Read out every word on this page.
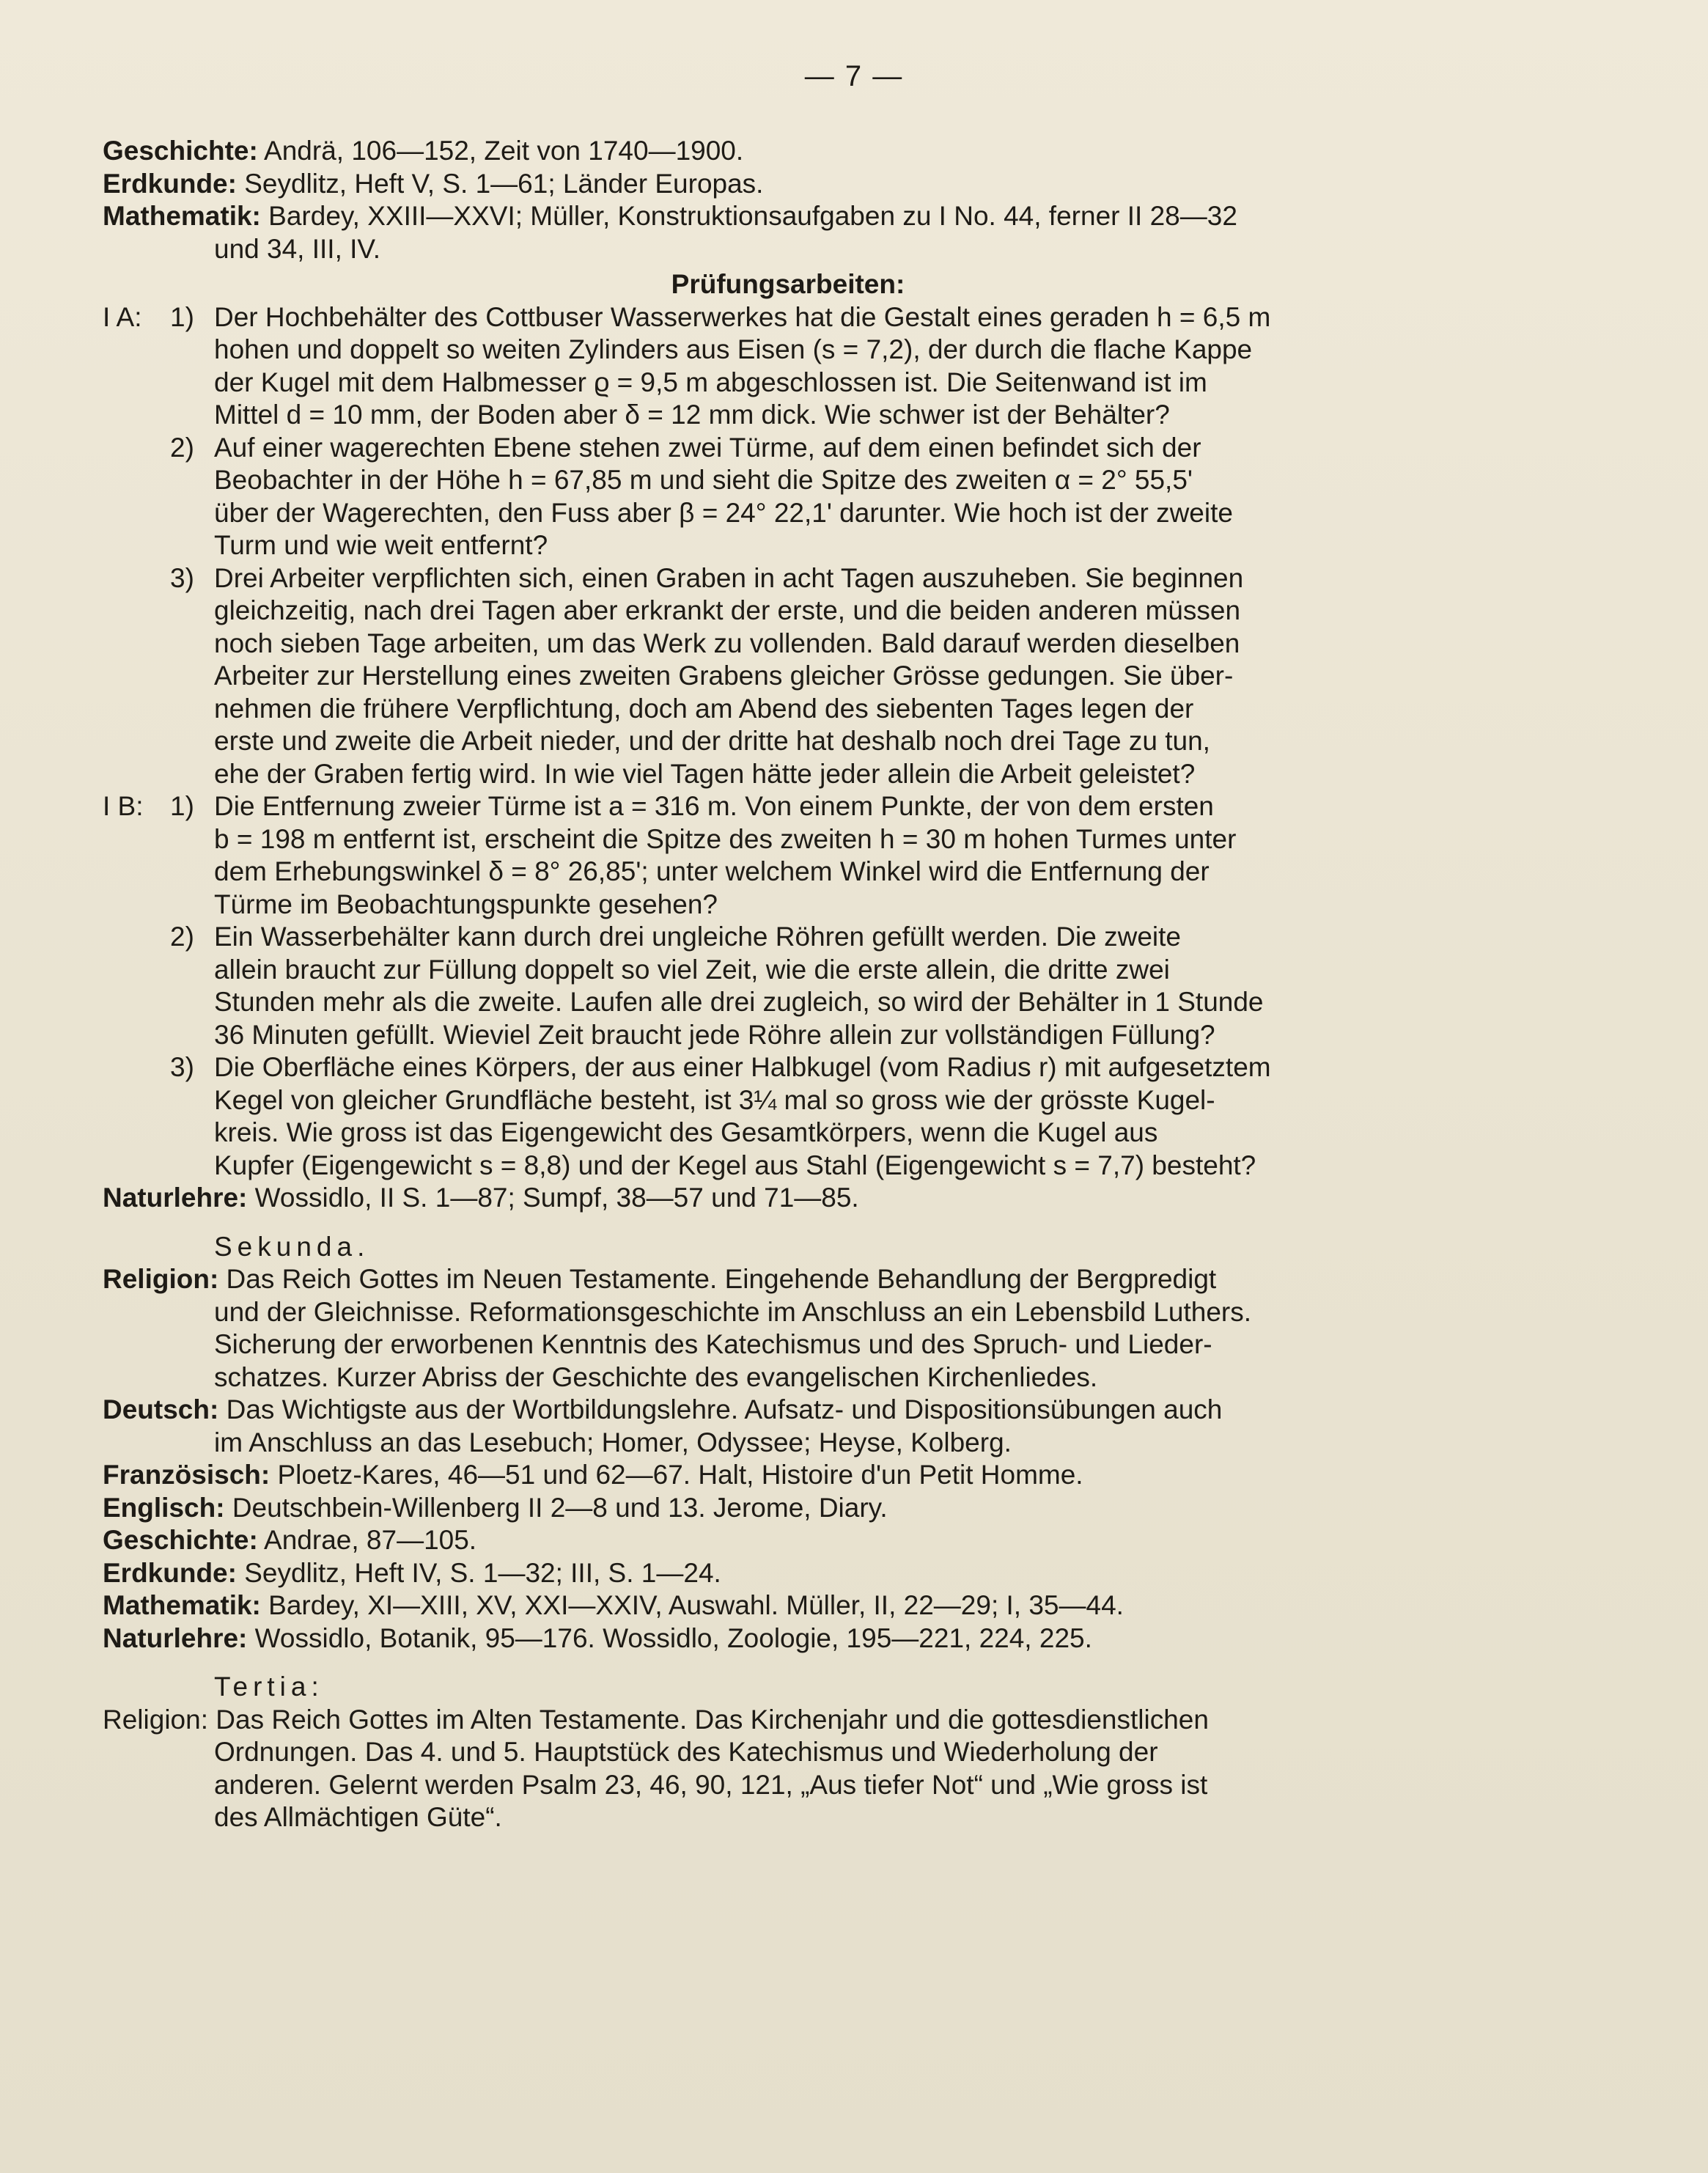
— 7 —

Geschichte: Andrä, 106—152, Zeit von 1740—1900.

Erdkunde: Seydlitz, Heft V, S. 1—61; Länder Europas.

Mathematik: Bardey, XXIII—XXVI; Müller, Konstruktionsaufgaben zu I No. 44, ferner II 28—32

und 34, III, IV.

Prüfungsarbeiten:

I A:	1) Der Hochbehälter des Cottbuser Wasserwerkes hat die Gestalt eines geraden h = 6,5 m
hohen und doppelt so weiten Zylinders aus Eisen (s = 7,2), der durch die flache Kappe
der Kugel mit dem Halbmesser ϱ = 9,5 m abgeschlossen ist. Die Seitenwand ist im
Mittel d = 10 mm, der Boden aber δ = 12 mm dick. Wie schwer ist der Behälter?
2) Auf einer wagerechten Ebene stehen zwei Türme, auf dem einen befindet sich der
Beobachter in der Höhe h = 67,85 m und sieht die Spitze des zweiten α = 2° 55,5'
über der Wagerechten, den Fuss aber β = 24° 22,1' darunter. Wie hoch ist der zweite
Turm und wie weit entfernt?
3) Drei Arbeiter verpflichten sich, einen Graben in acht Tagen auszuheben. Sie beginnen
gleichzeitig, nach drei Tagen aber erkrankt der erste, und die beiden anderen müssen
noch sieben Tage arbeiten, um das Werk zu vollenden. Bald darauf werden dieselben
Arbeiter zur Herstellung eines zweiten Grabens gleicher Grösse gedungen. Sie über-
nehmen die frühere Verpflichtung, doch am Abend des siebenten Tages legen der
erste und zweite die Arbeit nieder, und der dritte hat deshalb noch drei Tage zu tun,
ehe der Graben fertig wird. In wie viel Tagen hätte jeder allein die Arbeit geleistet?
I B: 1) Die Entfernung zweier Türme ist a = 316 m. Von einem Punkte, der von dem ersten
b = 198 m entfernt ist, erscheint die Spitze des zweiten h = 30 m hohen Turmes unter
dem Erhebungswinkel δ = 8° 26,85'; unter welchem Winkel wird die Entfernung der
Türme im Beobachtungspunkte gesehen?
2) Ein Wasserbehälter kann durch drei ungleiche Röhren gefüllt werden. Die zweite
allein braucht zur Füllung doppelt so viel Zeit, wie die erste allein, die dritte zwei
Stunden mehr als die zweite. Laufen alle drei zugleich, so wird der Behälter in 1 Stunde
36 Minuten gefüllt. Wieviel Zeit braucht jede Röhre allein zur vollständigen Füllung?
3) Die Oberfläche eines Körpers, der aus einer Halbkugel (vom Radius r) mit aufgesetztem
Kegel von gleicher Grundfläche besteht, ist 3¼ mal so gross wie der grösste Kugel-
kreis. Wie gross ist das Eigengewicht des Gesamtkörpers, wenn die Kugel aus
Kupfer (Eigengewicht s = 8,8) und der Kegel aus Stahl (Eigengewicht s = 7,7) besteht?

Naturlehre: Wossidlo, II S. 1—87; Sumpf, 38—57 und 71—85.

Sekunda.

Religion: Das Reich Gottes im Neuen Testamente. Eingehende Behandlung der Bergpredigt

und der Gleichnisse. Reformationsgeschichte im Anschluss an ein Lebensbild Luthers.

Sicherung der erworbenen Kenntnis des Katechismus und des Spruch- und Lieder-

schatzes. Kurzer Abriss der Geschichte des evangelischen Kirchenliedes.

Deutsch: Das Wichtigste aus der Wortbildungslehre. Aufsatz- und Dispositionsübungen auch

im Anschluss an das Lesebuch; Homer, Odyssee; Heyse, Kolberg.

Französisch: Ploetz-Kares, 46—51 und 62—67. Halt, Histoire d'un Petit Homme.

Englisch: Deutschbein-Willenberg II 2—8 und 13. Jerome, Diary.

Geschichte: Andrae, 87—105.

Erdkunde: Seydlitz, Heft IV, S. 1—32; III, S. 1—24.

Mathematik: Bardey, XI—XIII, XV, XXI—XXIV, Auswahl. Müller, II, 22—29; I, 35—44.

Naturlehre: Wossidlo, Botanik, 95—176. Wossidlo, Zoologie, 195—221, 224, 225.

Tertia:

Religion: Das Reich Gottes im Alten Testamente. Das Kirchenjahr und die gottesdienstlichen

Ordnungen. Das 4. und 5. Hauptstück des Katechismus und Wiederholung der

anderen. Gelernt werden Psalm 23, 46, 90, 121, „Aus tiefer Not“ und „Wie gross ist

des Allmächtigen Güte“.
